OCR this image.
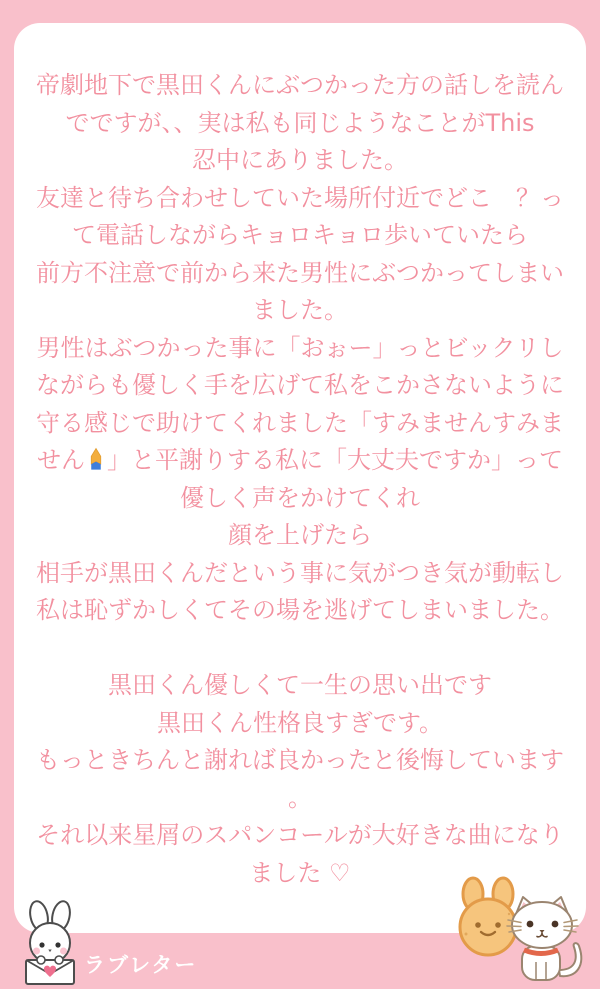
帝劇地下で黒田くんにぶつかった方の話しを読ん
でですが、、実は私も同じようなことがThis
忍中にありました。
友達と待ち合わせしていた場所付近でどこ　？っ
て電話しながらキョロキョロ歩いていたら
前方不注意で前から来た男性にぶつかってしまい
ました。
男性はぶつかった事に「おぉー」っとビックリし
ながらも優しく手を広げて私をこかさないように
守る感じで助けてくれました「すみませんすみま
せん 」と平謝りする私に「大丈夫ですか」って
優しく声をかけてくれ
顔を上げたら
相手が黒田くんだという事に気がつき気が動転し
私は恥ずかしくてその場を逃げてしまいました。
黒田くん優しくて一生の思い出です
黒田くん性格良すぎです。
もっときちんと謝れば良かったと後悔しています
。
それ以来星屑のスパンコールが大好きな曲になり
ました ♡
ラブレター
